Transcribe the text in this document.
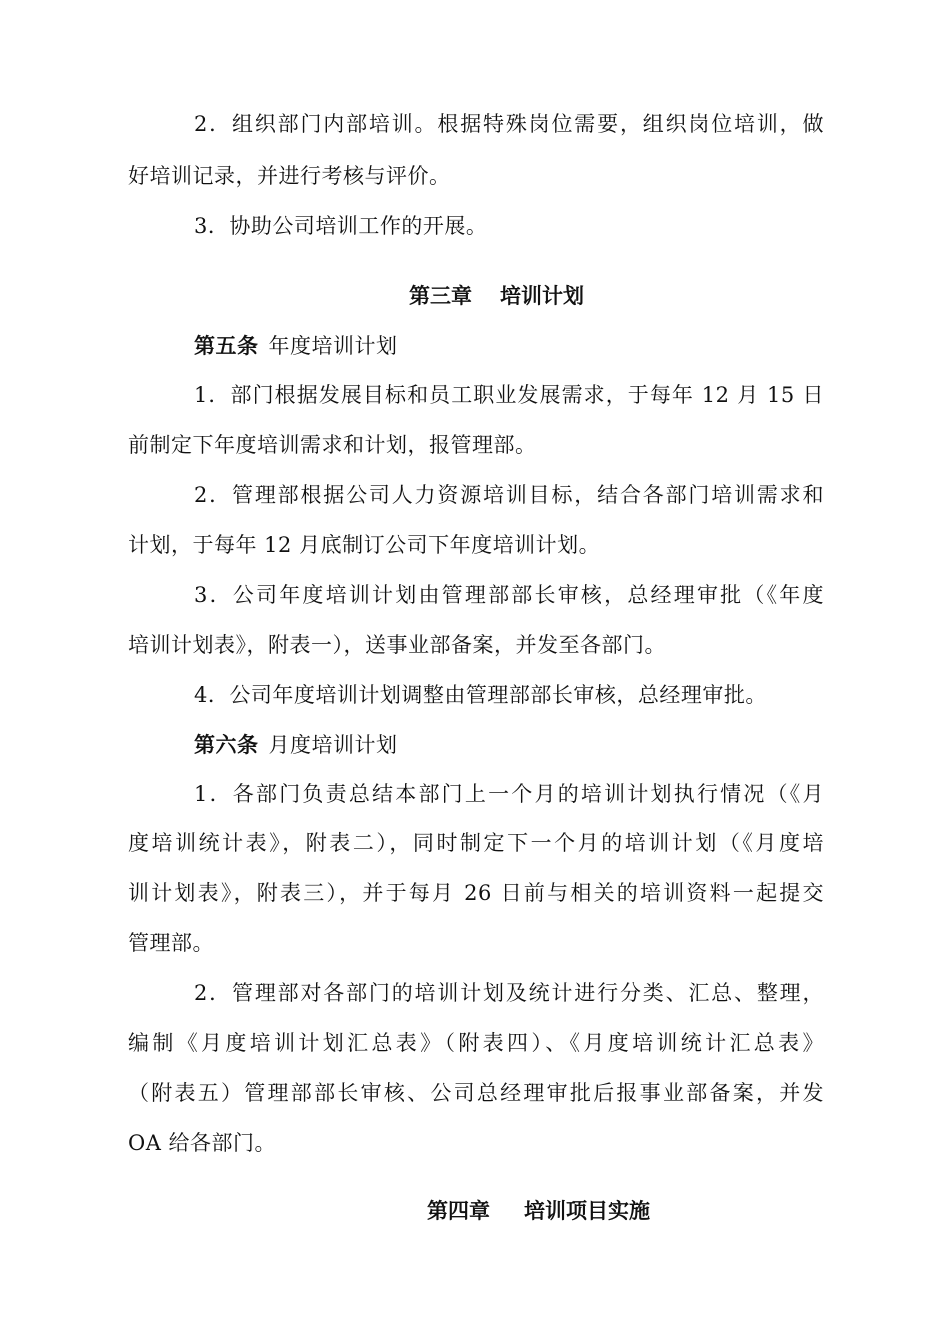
2．组织部门内部培训。根据特殊岗位需要，组织岗位培训，做
好培训记录，并进行考核与评价。
3．协助公司培训工作的开展。
第三章 培训计划
第五条 年度培训计划
1．部门根据发展目标和员工职业发展需求，于每年 12 月 15 日
前制定下年度培训需求和计划，报管理部。
2．管理部根据公司人力资源培训目标，结合各部门培训需求和
计划，于每年 12 月底制订公司下年度培训计划。
3．公司年度培训计划由管理部部长审核，总经理审批（《年度
培训计划表》，附表一），送事业部备案，并发至各部门。
4．公司年度培训计划调整由管理部部长审核，总经理审批。
第六条 月度培训计划
1．各部门负责总结本部门上一个月的培训计划执行情况（《月
度培训统计表》，附表二），同时制定下一个月的培训计划（《月度培
训计划表》，附表三），并于每月 26 日前与相关的培训资料一起提交
管理部。
2．管理部对各部门的培训计划及统计进行分类、汇总、整理，
编制《月度培训计划汇总表》（附表四）、《月度培训统计汇总表》
（附表五）管理部部长审核、公司总经理审批后报事业部备案，并发
OA 给各部门。
第四章 培训项目实施
